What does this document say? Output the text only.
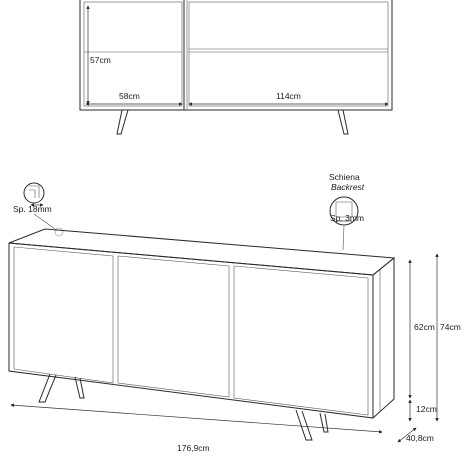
57cm
58cm	114cm
Sp. 18mm
Schiena
Backrest
Sp. 3mm
176,9cm
62cm 74cm
12cm
40,8cm
